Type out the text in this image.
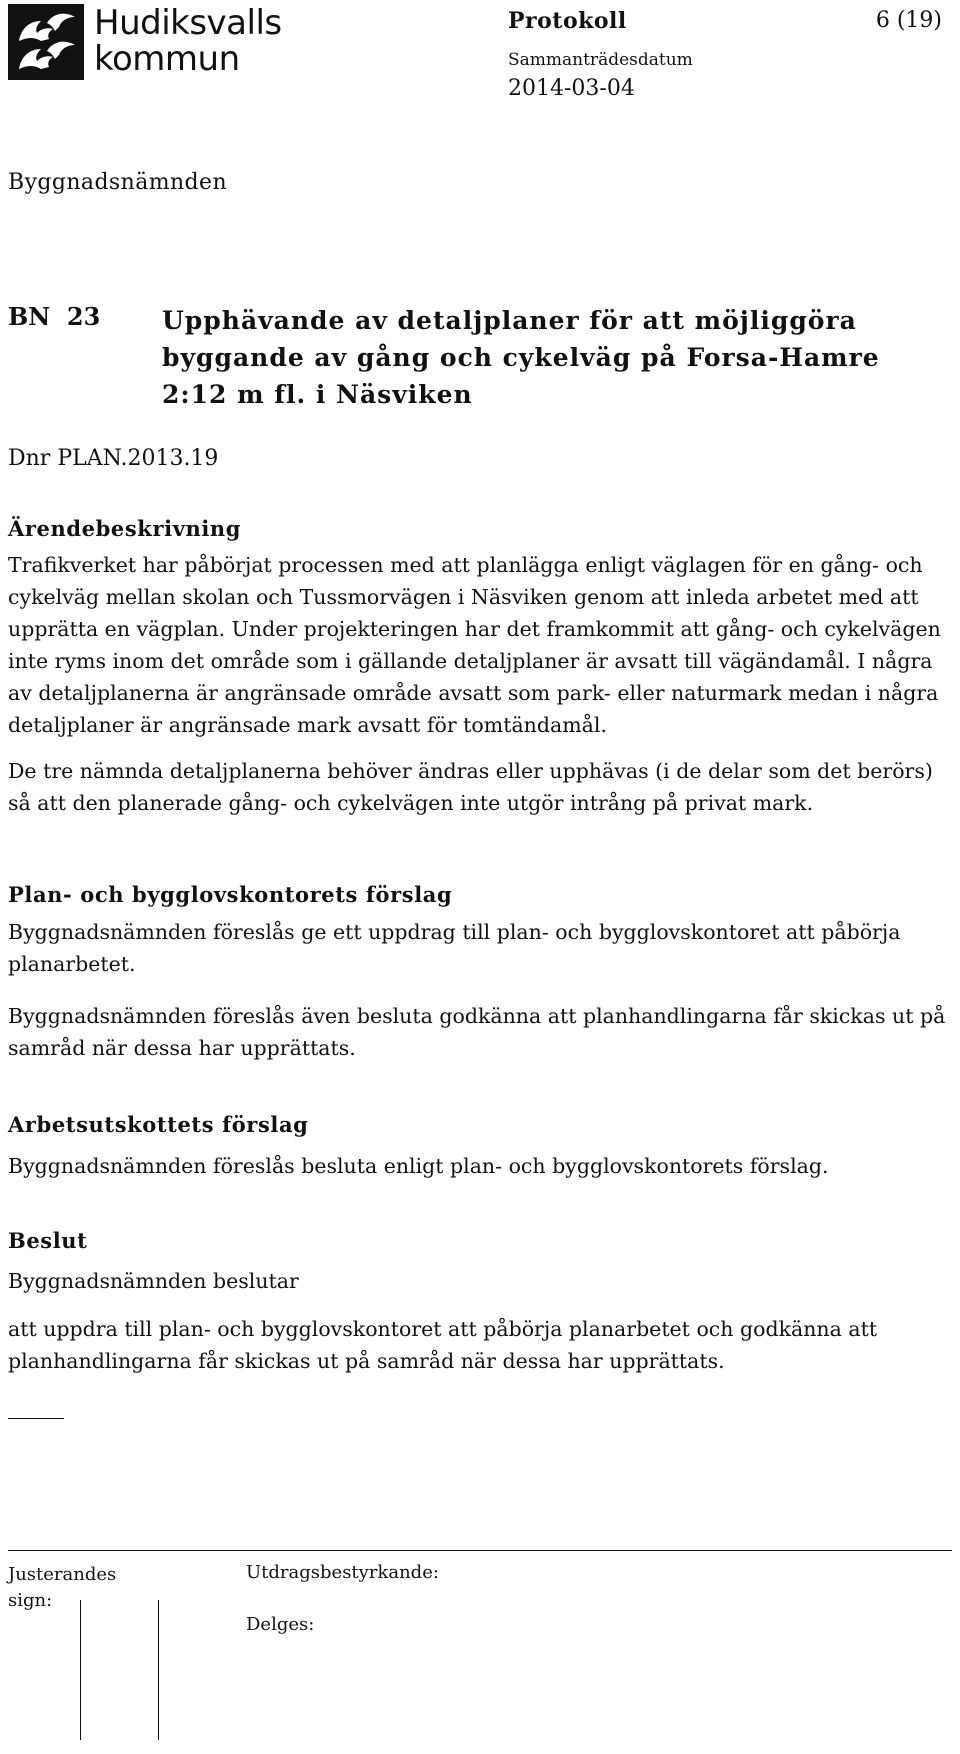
Hudiksvalls
kommun
Protokoll	6 (19)
Sammanträdesdatum
2014-03-04
Byggnadsnämnden
BN  23 Upphävande av detaljplaner för att möjliggöra byggande av gång och cykelväg på Forsa-Hamre 2:12 m fl. i Näsviken
Dnr PLAN.2013.19
Ärendebeskrivning
Trafikverket har påbörjat processen med att planlägga enligt väglagen för en gång- och cykelväg mellan skolan och Tussmorvägen i Näsviken genom att inleda arbetet med att upprätta en vägplan. Under projekteringen har det framkommit att gång- och cykelvägen inte ryms inom det område som i gällande detaljplaner är avsatt till vägändamål. I några av detaljplanerna är angränsade område avsatt som park- eller naturmark medan i några detaljplaner är angränsade mark avsatt för tomtändamål.
De tre nämnda detaljplanerna behöver ändras eller upphävas (i de delar som det berörs) så att den planerade gång- och cykelvägen inte utgör intrång på privat mark.
Plan- och bygglovskontorets förslag
Byggnadsnämnden föreslås ge ett uppdrag till plan- och bygglovskontoret att påbörja planarbetet.
Byggnadsnämnden föreslås även besluta godkänna att planhandlingarna får skickas ut på samråd när dessa har upprättats.
Arbetsutskottets förslag
Byggnadsnämnden föreslås besluta enligt plan- och bygglovskontorets förslag.
Beslut
Byggnadsnämnden beslutar
att uppdra till plan- och bygglovskontoret att påbörja planarbetet och godkänna att planhandlingarna får skickas ut på samråd när dessa har upprättats.
Justerandes sign:
Utdragsbestyrkande:
Delges:
